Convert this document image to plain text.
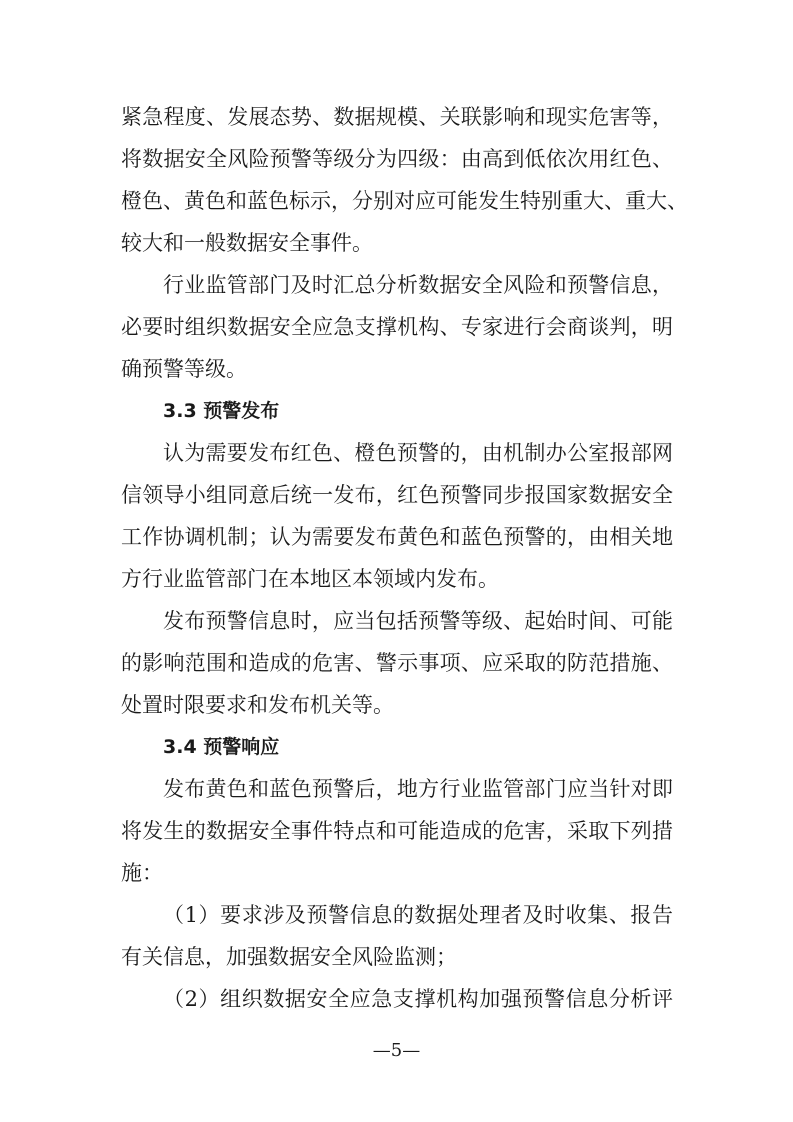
紧急程度、发展态势、数据规模、关联影响和现实危害等，
将数据安全风险预警等级分为四级：由高到低依次用红色、
橙色、黄色和蓝色标示，分别对应可能发生特别重大、重大、
较大和一般数据安全事件。
行业监管部门及时汇总分析数据安全风险和预警信息，
必要时组织数据安全应急支撑机构、专家进行会商谈判，明
确预警等级。
3.3 预警发布
认为需要发布红色、橙色预警的，由机制办公室报部网
信领导小组同意后统一发布，红色预警同步报国家数据安全
工作协调机制；认为需要发布黄色和蓝色预警的，由相关地
方行业监管部门在本地区本领域内发布。
发布预警信息时，应当包括预警等级、起始时间、可能
的影响范围和造成的危害、警示事项、应采取的防范措施、
处置时限要求和发布机关等。
3.4 预警响应
发布黄色和蓝色预警后，地方行业监管部门应当针对即
将发生的数据安全事件特点和可能造成的危害，采取下列措
施：
（1）要求涉及预警信息的数据处理者及时收集、报告
有关信息，加强数据安全风险监测；
（2）组织数据安全应急支撑机构加强预警信息分析评
—5—
